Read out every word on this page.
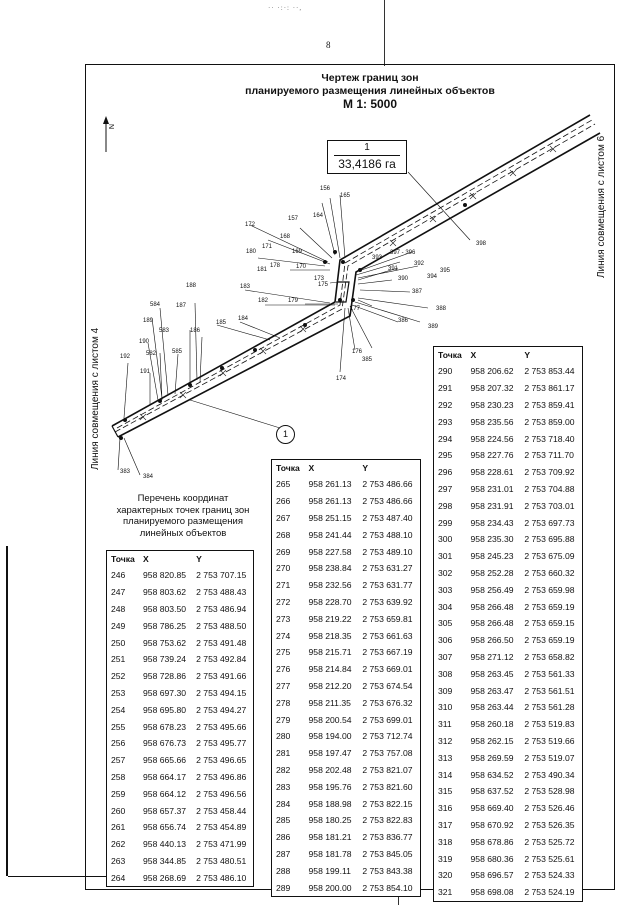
·· ·:·: ··,
8
Чертеж границ зон
планируемого размещения линейных объектов
М 1: 5000
N
156
165
157 164
172
168
169
171
180
170
173
178
181
175
183
182	179
188
184
185
187
186
584
583
189
190
582	585
192
191
383
384
393
397 - 396
392
395
391
390	394
387
388
386
389
176
177
385
174
398
1
33,4186 га
1
Линия совмещения с листом 4
Линия совмещения с листом 6
Перечень координат
характерных точек границ зон
планируемого размещения
линейных объектов
Точка	X	Y
246	958 820.85	2 753 707.15
247	958 803.62	2 753 488.43
248	958 803.50	2 753 486.94
249	958 786.25	2 753 488.50
250	958 753.62	2 753 491.48
251	958 739.24	2 753 492.84
252	958 728.86	2 753 491.66
253	958 697.30	2 753 494.15
254	958 695.80	2 753 494.27
255	958 678.23	2 753 495.66
256	958 676.73	2 753 495.77
257	958 665.66	2 753 496.65
258	958 664.17	2 753 496.86
259	958 664.12	2 753 496.56
260	958 657.37	2 753 458.44
261	958 656.74	2 753 454.89
262	958 440.13	2 753 471.99
263	958 344.85	2 753 480.51
264	958 268.69	2 753 486.10
Точка	X	Y
265	958 261.13	2 753 486.66
266	958 261.13	2 753 486.66
267	958 251.15	2 753 487.40
268	958 241.44	2 753 488.10
269	958 227.58	2 753 489.10
270	958 238.84	2 753 631.27
271	958 232.56	2 753 631.77
272	958 228.70	2 753 639.92
273	958 219.22	2 753 659.81
274	958 218.35	2 753 661.63
275	958 215.71	2 753 667.19
276	958 214.84	2 753 669.01
277	958 212.20	2 753 674.54
278	958 211.35	2 753 676.32
279	958 200.54	2 753 699.01
280	958 194.00	2 753 712.74
281	958 197.47	2 753 757.08
282	958 202.48	2 753 821.07
283	958 195.76	2 753 821.60
284	958 188.98	2 753 822.15
285	958 180.25	2 753 822.83
286	958 181.21	2 753 836.77
287	958 181.78	2 753 845.05
288	958 199.11	2 753 843.38
289	958 200.00	2 753 854.10
Точка	X	Y
290	958 206.62	2 753 853.44
291	958 207.32	2 753 861.17
292	958 230.23	2 753 859.41
293	958 235.56	2 753 859.00
294	958 224.56	2 753 718.40
295	958 227.76	2 753 711.70
296	958 228.61	2 753 709.92
297	958 231.01	2 753 704.88
298	958 231.91	2 753 703.01
299	958 234.43	2 753 697.73
300	958 235.30	2 753 695.88
301	958 245.23	2 753 675.09
302	958 252.28	2 753 660.32
303	958 256.49	2 753 659.98
304	958 266.48	2 753 659.19
305	958 266.48	2 753 659.15
306	958 266.50	2 753 659.19
307	958 271.12	2 753 658.82
308	958 263.45	2 753 561.33
309	958 263.47	2 753 561.51
310	958 263.44	2 753 561.28
311	958 260.18	2 753 519.83
312	958 262.15	2 753 519.66
313	958 269.59	2 753 519.07
314	958 634.52	2 753 490.34
315	958 637.52	2 753 528.98
316	958 669.40	2 753 526.46
317	958 670.92	2 753 526.35
318	958 678.86	2 753 525.72
319	958 680.36	2 753 525.61
320	958 696.57	2 753 524.33
321	958 698.08	2 753 524.19
